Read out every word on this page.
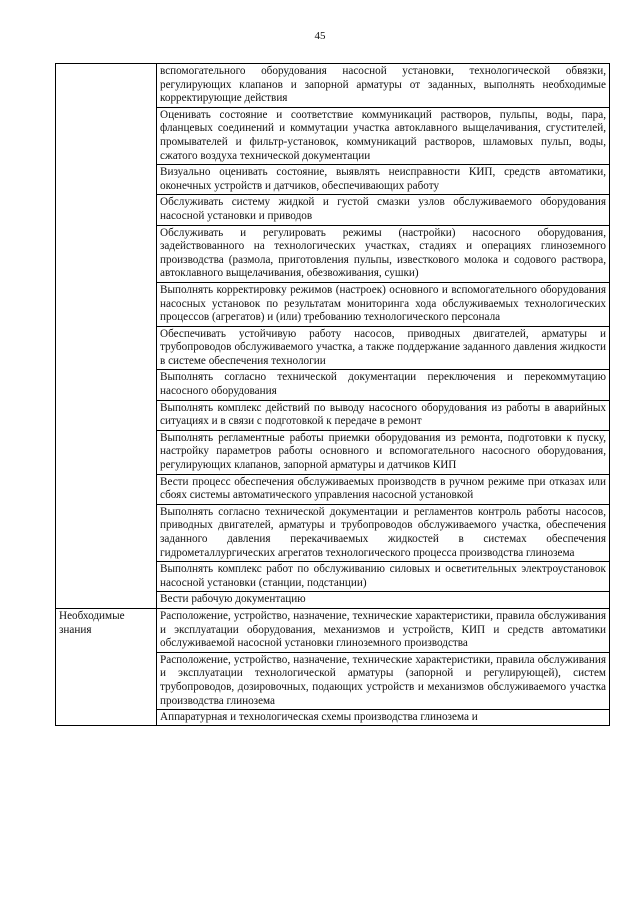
45
	вспомогательного оборудования насосной установки, технологической обвязки, регулирующих клапанов и запорной арматуры от заданных, выполнять необходимые корректирующие действия
	Оценивать состояние и соответствие коммуникаций растворов, пульпы, воды, пара, фланцевых соединений и коммутации участка автоклавного выщелачивания, сгустителей, промывателей и фильтр-установок, коммуникаций растворов, шламовых пульп, воды, сжатого воздуха технической документации
	Визуально оценивать состояние, выявлять неисправности КИП, средств автоматики, оконечных устройств и датчиков, обеспечивающих работу
	Обслуживать систему жидкой и густой смазки узлов обслуживаемого оборудования насосной установки и приводов
	Обслуживать и регулировать режимы (настройки) насосного оборудования, задействованного на технологических участках, стадиях и операциях глиноземного производства (размола, приготовления пульпы, известкового молока и содового раствора, автоклавного выщелачивания, обезвоживания, сушки)
	Выполнять корректировку режимов (настроек) основного и вспомогательного оборудования насосных установок по результатам мониторинга хода обслуживаемых технологических процессов (агрегатов) и (или) требованию технологического персонала
	Обеспечивать устойчивую работу насосов, приводных двигателей, арматуры и трубопроводов обслуживаемого участка, а также поддержание заданного давления жидкости в системе обеспечения технологии
	Выполнять согласно технической документации переключения и перекоммутацию насосного оборудования
	Выполнять комплекс действий по выводу насосного оборудования из работы в аварийных ситуациях и в связи с подготовкой к передаче в ремонт
	Выполнять регламентные работы приемки оборудования из ремонта, подготовки к пуску, настройку параметров работы основного и вспомогательного насосного оборудования, регулирующих клапанов, запорной арматуры и датчиков КИП
	Вести процесс обеспечения обслуживаемых производств в ручном режиме при отказах или сбоях системы автоматического управления насосной установкой
	Выполнять согласно технической документации и регламентов контроль работы насосов, приводных двигателей, арматуры и трубопроводов обслуживаемого участка, обеспечения заданного давления перекачиваемых жидкостей в системах обеспечения гидрометаллургических агрегатов технологического процесса производства глинозема
	Выполнять комплекс работ по обслуживанию силовых и осветительных электроустановок насосной установки (станции, подстанции)
	Вести рабочую документацию
Необходимые знания	Расположение, устройство, назначение, технические характеристики, правила обслуживания и эксплуатации оборудования, механизмов и устройств, КИП и средств автоматики обслуживаемой насосной установки глиноземного производства
	Расположение, устройство, назначение, технические характеристики, правила обслуживания и эксплуатации технологической арматуры (запорной и регулирующей), систем трубопроводов, дозировочных, подающих устройств и механизмов обслуживаемого участка производства глинозема

	Аппаратурная и технологическая схемы производства глинозема и
